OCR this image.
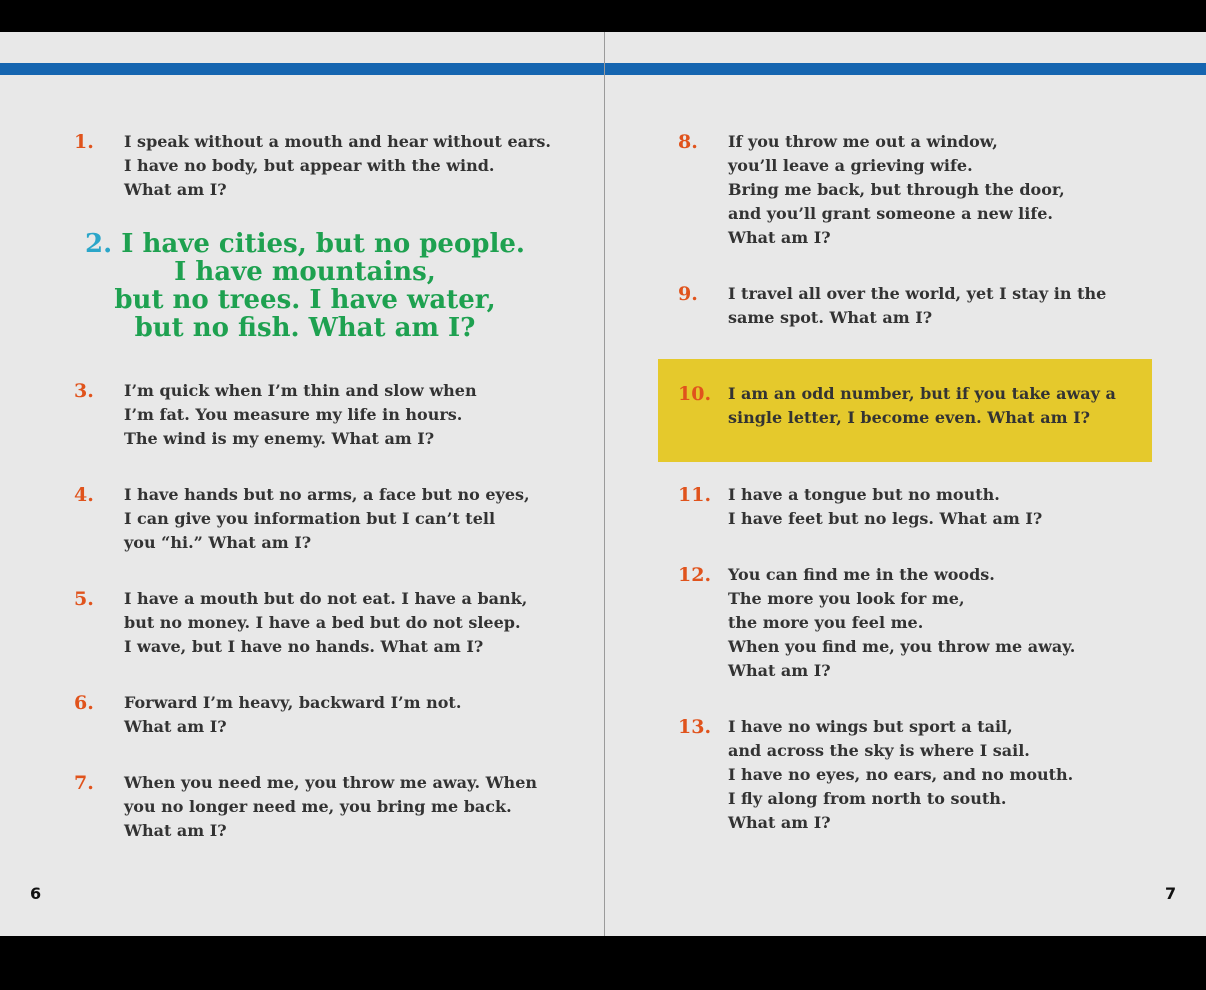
1.	I speak without a mouth and hear without ears.
I have no body, but appear with the wind.
What am I?

2. I have cities, but no people.
I have mountains,
but no trees. I have water,
but no fish. What am I?
3.	I’m quick when I’m thin and slow when
I’m fat. You measure my life in hours.
The wind is my enemy. What am I?

4.	I have hands but no arms, a face but no eyes,
I can give you information but I can’t tell
you “hi.” What am I?

5.	I have a mouth but do not eat. I have a bank,
but no money. I have a bed but do not sleep.
I wave, but I have no hands. What am I?

6.	Forward I’m heavy, backward I’m not.
What am I?

7.	When you need me, you throw me away. When
you no longer need me, you bring me back.
What am I?

6
8.	If you throw me out a window,
you’ll leave a grieving wife.
Bring me back, but through the door,
and you’ll grant someone a new life.
What am I?

9.	I travel all over the world, yet I stay in the
same spot. What am I?

10.	I am an odd number, but if you take away a
single letter, I become even. What am I?

11.	I have a tongue but no mouth.
I have feet but no legs. What am I?

12.	You can find me in the woods.
The more you look for me,
the more you feel me.
When you find me, you throw me away.
What am I?

13.	I have no wings but sport a tail,
and across the sky is where I sail.
I have no eyes, no ears, and no mouth.
I fly along from north to south.
What am I?

7
